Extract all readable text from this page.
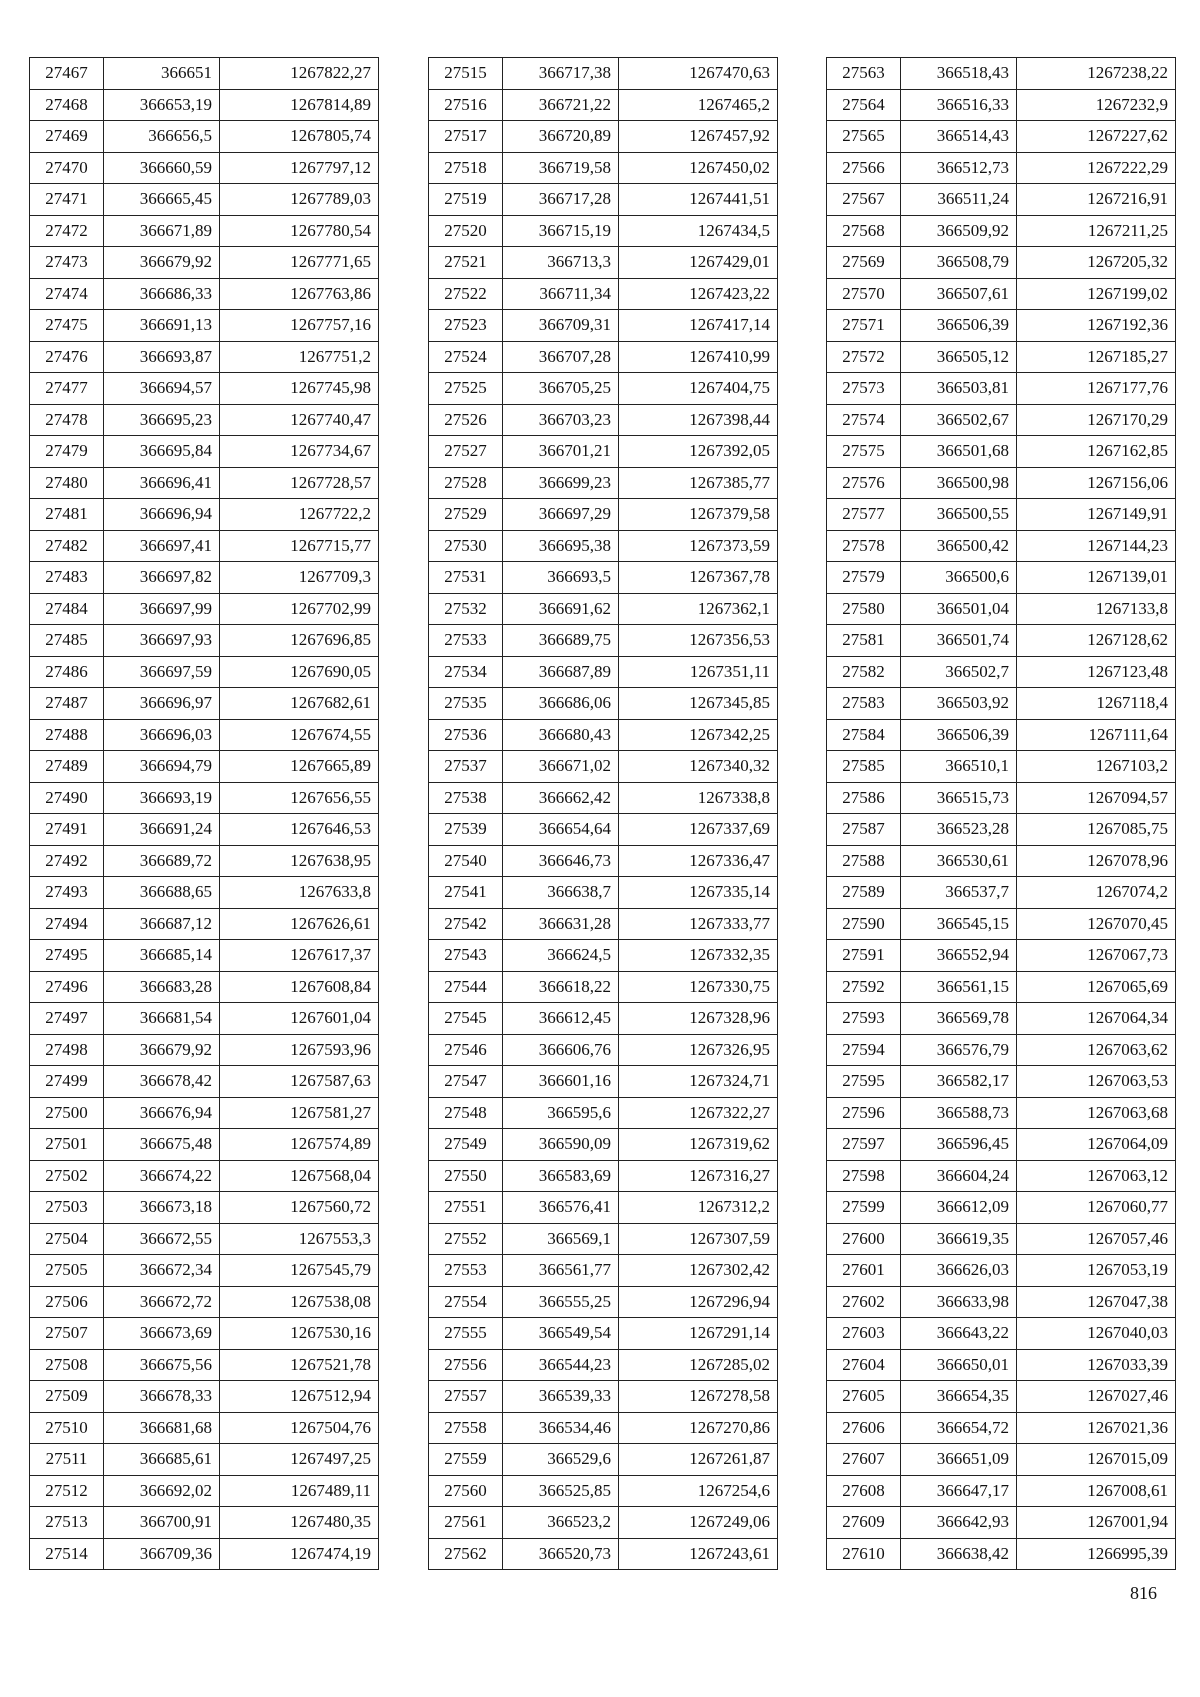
27467	366651	1267822,27
27468	366653,19	1267814,89
27469	366656,5	1267805,74
27470	366660,59	1267797,12
27471	366665,45	1267789,03
27472	366671,89	1267780,54
27473	366679,92	1267771,65
27474	366686,33	1267763,86
27475	366691,13	1267757,16
27476	366693,87	1267751,2
27477	366694,57	1267745,98
27478	366695,23	1267740,47
27479	366695,84	1267734,67
27480	366696,41	1267728,57
27481	366696,94	1267722,2
27482	366697,41	1267715,77
27483	366697,82	1267709,3
27484	366697,99	1267702,99
27485	366697,93	1267696,85
27486	366697,59	1267690,05
27487	366696,97	1267682,61
27488	366696,03	1267674,55
27489	366694,79	1267665,89
27490	366693,19	1267656,55
27491	366691,24	1267646,53
27492	366689,72	1267638,95
27493	366688,65	1267633,8
27494	366687,12	1267626,61
27495	366685,14	1267617,37
27496	366683,28	1267608,84
27497	366681,54	1267601,04
27498	366679,92	1267593,96
27499	366678,42	1267587,63
27500	366676,94	1267581,27
27501	366675,48	1267574,89
27502	366674,22	1267568,04
27503	366673,18	1267560,72
27504	366672,55	1267553,3
27505	366672,34	1267545,79
27506	366672,72	1267538,08
27507	366673,69	1267530,16
27508	366675,56	1267521,78
27509	366678,33	1267512,94
27510	366681,68	1267504,76
27511	366685,61	1267497,25
27512	366692,02	1267489,11
27513	366700,91	1267480,35
27514	366709,36	1267474,19
27515	366717,38	1267470,63
27516	366721,22	1267465,2
27517	366720,89	1267457,92
27518	366719,58	1267450,02
27519	366717,28	1267441,51
27520	366715,19	1267434,5
27521	366713,3	1267429,01
27522	366711,34	1267423,22
27523	366709,31	1267417,14
27524	366707,28	1267410,99
27525	366705,25	1267404,75
27526	366703,23	1267398,44
27527	366701,21	1267392,05
27528	366699,23	1267385,77
27529	366697,29	1267379,58
27530	366695,38	1267373,59
27531	366693,5	1267367,78
27532	366691,62	1267362,1
27533	366689,75	1267356,53
27534	366687,89	1267351,11
27535	366686,06	1267345,85
27536	366680,43	1267342,25
27537	366671,02	1267340,32
27538	366662,42	1267338,8
27539	366654,64	1267337,69
27540	366646,73	1267336,47
27541	366638,7	1267335,14
27542	366631,28	1267333,77
27543	366624,5	1267332,35
27544	366618,22	1267330,75
27545	366612,45	1267328,96
27546	366606,76	1267326,95
27547	366601,16	1267324,71
27548	366595,6	1267322,27
27549	366590,09	1267319,62
27550	366583,69	1267316,27
27551	366576,41	1267312,2
27552	366569,1	1267307,59
27553	366561,77	1267302,42
27554	366555,25	1267296,94
27555	366549,54	1267291,14
27556	366544,23	1267285,02
27557	366539,33	1267278,58
27558	366534,46	1267270,86
27559	366529,6	1267261,87
27560	366525,85	1267254,6
27561	366523,2	1267249,06
27562	366520,73	1267243,61
27563	366518,43	1267238,22
27564	366516,33	1267232,9
27565	366514,43	1267227,62
27566	366512,73	1267222,29
27567	366511,24	1267216,91
27568	366509,92	1267211,25
27569	366508,79	1267205,32
27570	366507,61	1267199,02
27571	366506,39	1267192,36
27572	366505,12	1267185,27
27573	366503,81	1267177,76
27574	366502,67	1267170,29
27575	366501,68	1267162,85
27576	366500,98	1267156,06
27577	366500,55	1267149,91
27578	366500,42	1267144,23
27579	366500,6	1267139,01
27580	366501,04	1267133,8
27581	366501,74	1267128,62
27582	366502,7	1267123,48
27583	366503,92	1267118,4
27584	366506,39	1267111,64
27585	366510,1	1267103,2
27586	366515,73	1267094,57
27587	366523,28	1267085,75
27588	366530,61	1267078,96
27589	366537,7	1267074,2
27590	366545,15	1267070,45
27591	366552,94	1267067,73
27592	366561,15	1267065,69
27593	366569,78	1267064,34
27594	366576,79	1267063,62
27595	366582,17	1267063,53
27596	366588,73	1267063,68
27597	366596,45	1267064,09
27598	366604,24	1267063,12
27599	366612,09	1267060,77
27600	366619,35	1267057,46
27601	366626,03	1267053,19
27602	366633,98	1267047,38
27603	366643,22	1267040,03
27604	366650,01	1267033,39
27605	366654,35	1267027,46
27606	366654,72	1267021,36
27607	366651,09	1267015,09
27608	366647,17	1267008,61
27609	366642,93	1267001,94
27610	366638,42	1266995,39
816
